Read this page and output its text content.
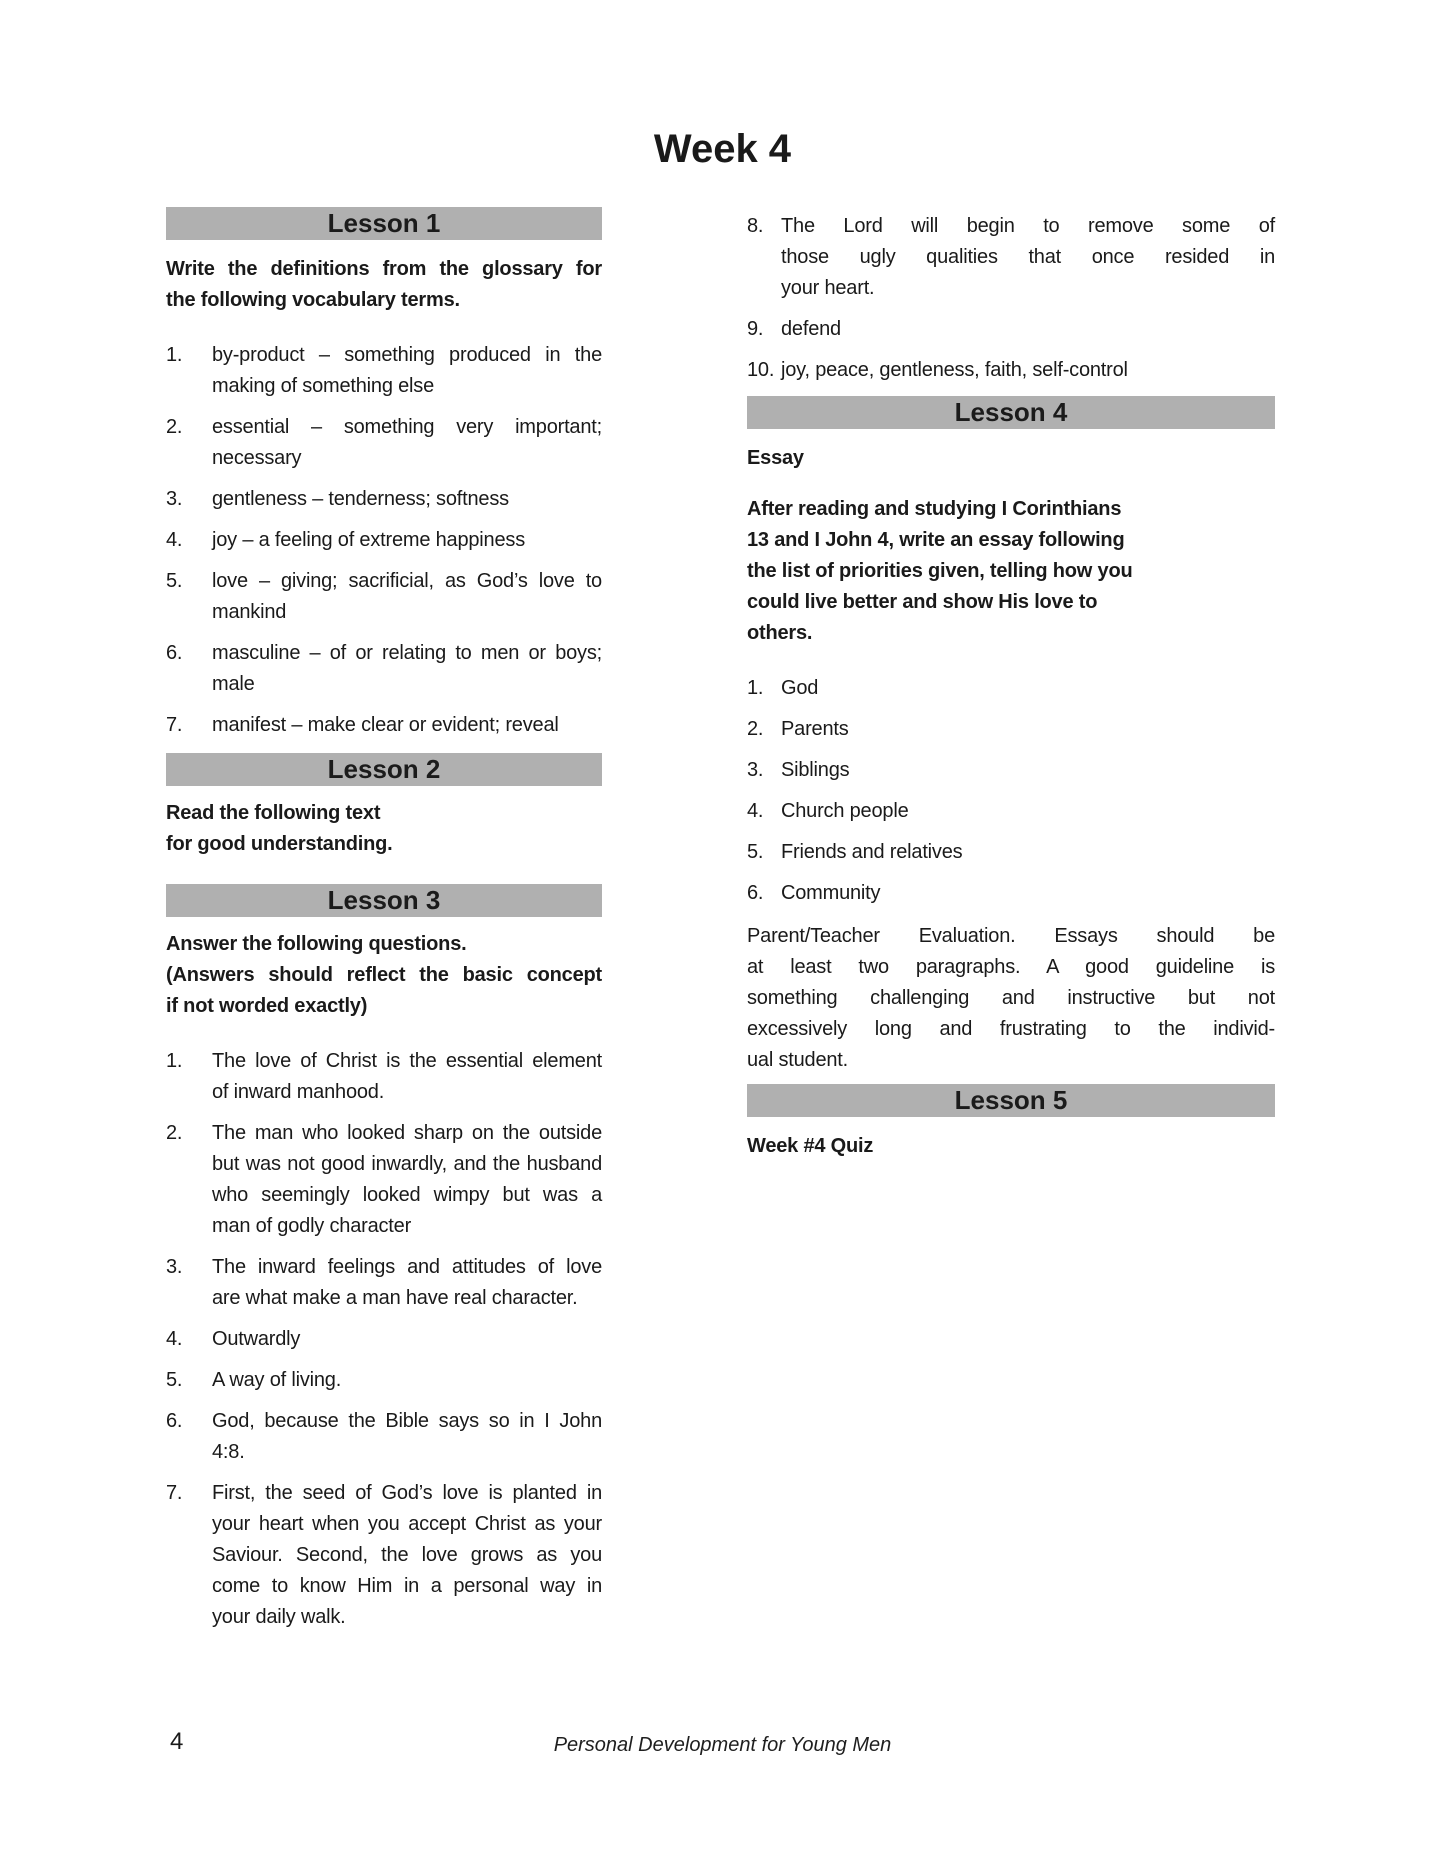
Week 4
Lesson 1
Write the definitions from the glossary for
the following vocabulary terms.
1. by-product – something produced in the
making of something else
2. essential – something very important;
necessary
3. gentleness – tenderness; softness
4. joy – a feeling of extreme happiness
5. love – giving; sacrificial, as God’s love to
mankind
6. masculine – of or relating to men or boys;
male
7. manifest – make clear or evident; reveal
Lesson 2
Read the following text
for good understanding.
Lesson 3
Answer the following questions.
(Answers should reflect the basic concept
if not worded exactly)
1. The love of Christ is the essential element
of inward manhood.
2. The man who looked sharp on the outside
but was not good inwardly, and the husband
who seemingly looked wimpy but was a
man of godly character
3. The inward feelings and attitudes of love
are what make a man have real character.
4. Outwardly
5. A way of living.
6. God, because the Bible says so in I John
4:8.
7. First, the seed of God’s love is planted in
your heart when you accept Christ as your
Saviour. Second, the love grows as you
come to know Him in a personal way in
your daily walk.
8. The Lord will begin to remove some of
those ugly qualities that once resided in
your heart.
9. defend
10. joy, peace, gentleness, faith, self-control
Lesson 4
Essay
After reading and studying I Corinthians
13 and I John 4, write an essay following
the list of priorities given, telling how you
could live better and show His love to
others.
1. God
2. Parents
3. Siblings
4. Church people
5. Friends and relatives
6. Community
Parent/Teacher Evaluation. Essays should be
at least two paragraphs. A good guideline is
something challenging and instructive but not
excessively long and frustrating to the individ-
ual student.
Lesson 5
Week #4 Quiz
4	Personal Development for Young Men
